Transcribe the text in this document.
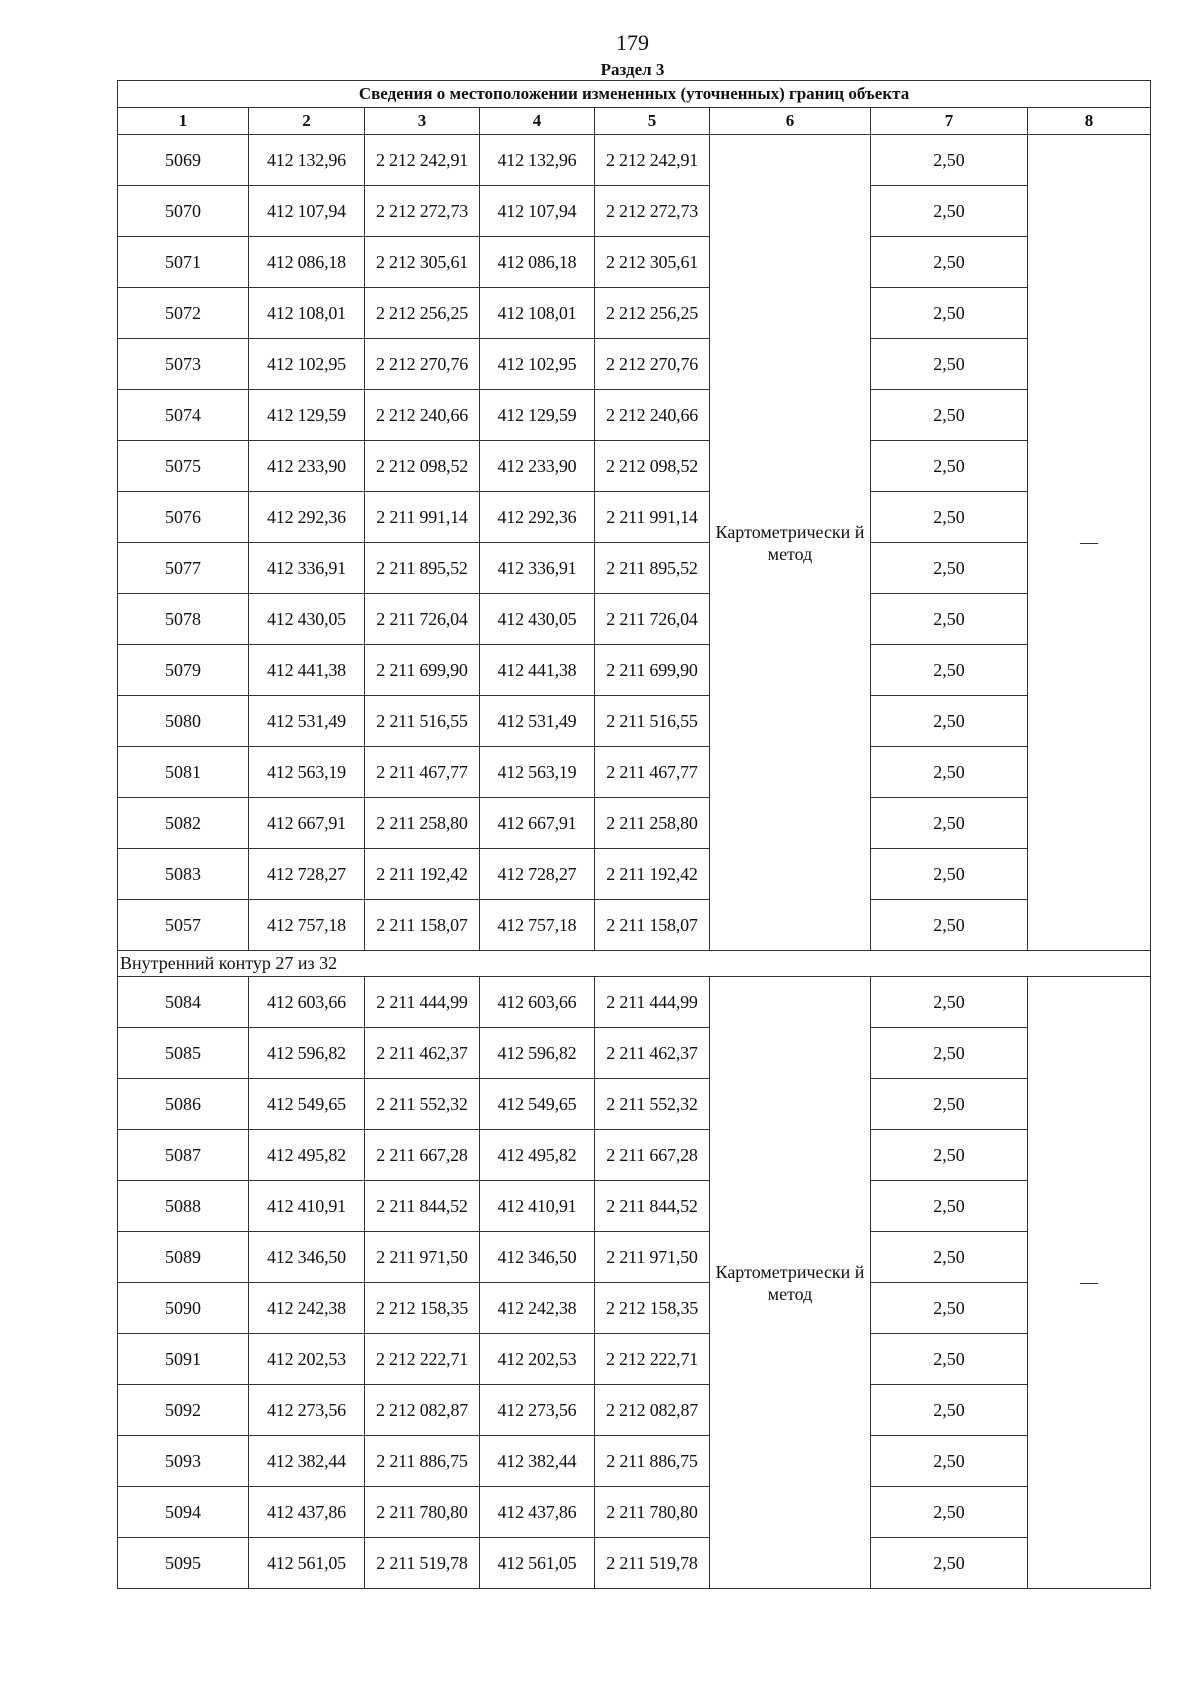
179
Раздел 3
Сведения о местоположении измененных (уточненных) границ объекта							
1	2	3	4	5	6	7	8
5069	412 132,96	2 212 242,91	412 132,96	2 212 242,91	Картометрически й метод	2,50	—
5070	412 107,94	2 212 272,73	412 107,94	2 212 272,73		2,50	
5071	412 086,18	2 212 305,61	412 086,18	2 212 305,61		2,50	
5072	412 108,01	2 212 256,25	412 108,01	2 212 256,25		2,50	
5073	412 102,95	2 212 270,76	412 102,95	2 212 270,76		2,50	
5074	412 129,59	2 212 240,66	412 129,59	2 212 240,66		2,50	
5075	412 233,90	2 212 098,52	412 233,90	2 212 098,52		2,50	
5076	412 292,36	2 211 991,14	412 292,36	2 211 991,14		2,50	
5077	412 336,91	2 211 895,52	412 336,91	2 211 895,52		2,50	
5078	412 430,05	2 211 726,04	412 430,05	2 211 726,04		2,50	
5079	412 441,38	2 211 699,90	412 441,38	2 211 699,90		2,50	
5080	412 531,49	2 211 516,55	412 531,49	2 211 516,55		2,50	
5081	412 563,19	2 211 467,77	412 563,19	2 211 467,77		2,50	
5082	412 667,91	2 211 258,80	412 667,91	2 211 258,80		2,50	
5083	412 728,27	2 211 192,42	412 728,27	2 211 192,42		2,50	
5057	412 757,18	2 211 158,07	412 757,18	2 211 158,07		2,50	
Внутренний контур 27 из 32							
5084	412 603,66	2 211 444,99	412 603,66	2 211 444,99	Картометрически й метод	2,50	—
5085	412 596,82	2 211 462,37	412 596,82	2 211 462,37		2,50	
5086	412 549,65	2 211 552,32	412 549,65	2 211 552,32		2,50	
5087	412 495,82	2 211 667,28	412 495,82	2 211 667,28		2,50	
5088	412 410,91	2 211 844,52	412 410,91	2 211 844,52		2,50	
5089	412 346,50	2 211 971,50	412 346,50	2 211 971,50		2,50	
5090	412 242,38	2 212 158,35	412 242,38	2 212 158,35		2,50	
5091	412 202,53	2 212 222,71	412 202,53	2 212 222,71		2,50	
5092	412 273,56	2 212 082,87	412 273,56	2 212 082,87		2,50	
5093	412 382,44	2 211 886,75	412 382,44	2 211 886,75		2,50	
5094	412 437,86	2 211 780,80	412 437,86	2 211 780,80		2,50	
5095	412 561,05	2 211 519,78	412 561,05	2 211 519,78		2,50	
